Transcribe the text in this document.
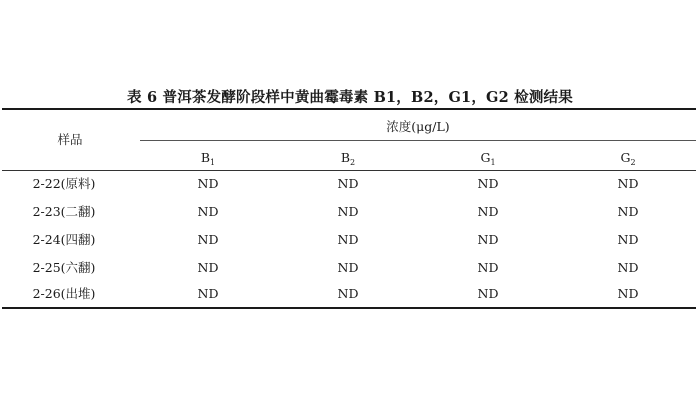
表 6 普洱茶发酵阶段样中黄曲霉毒素 B1，B2，G1，G2 检测结果
样品
浓度(μg/L)
$B_1$	$B_2$	$G_1$	$G_2$
2-22(原料)	ND	ND	ND	ND
2-23(二翻)	ND	ND	ND	ND
2-24(四翻)	ND	ND	ND	ND
2-25(六翻)	ND	ND	ND	ND
2-26(出堆)	ND	ND	ND	ND
